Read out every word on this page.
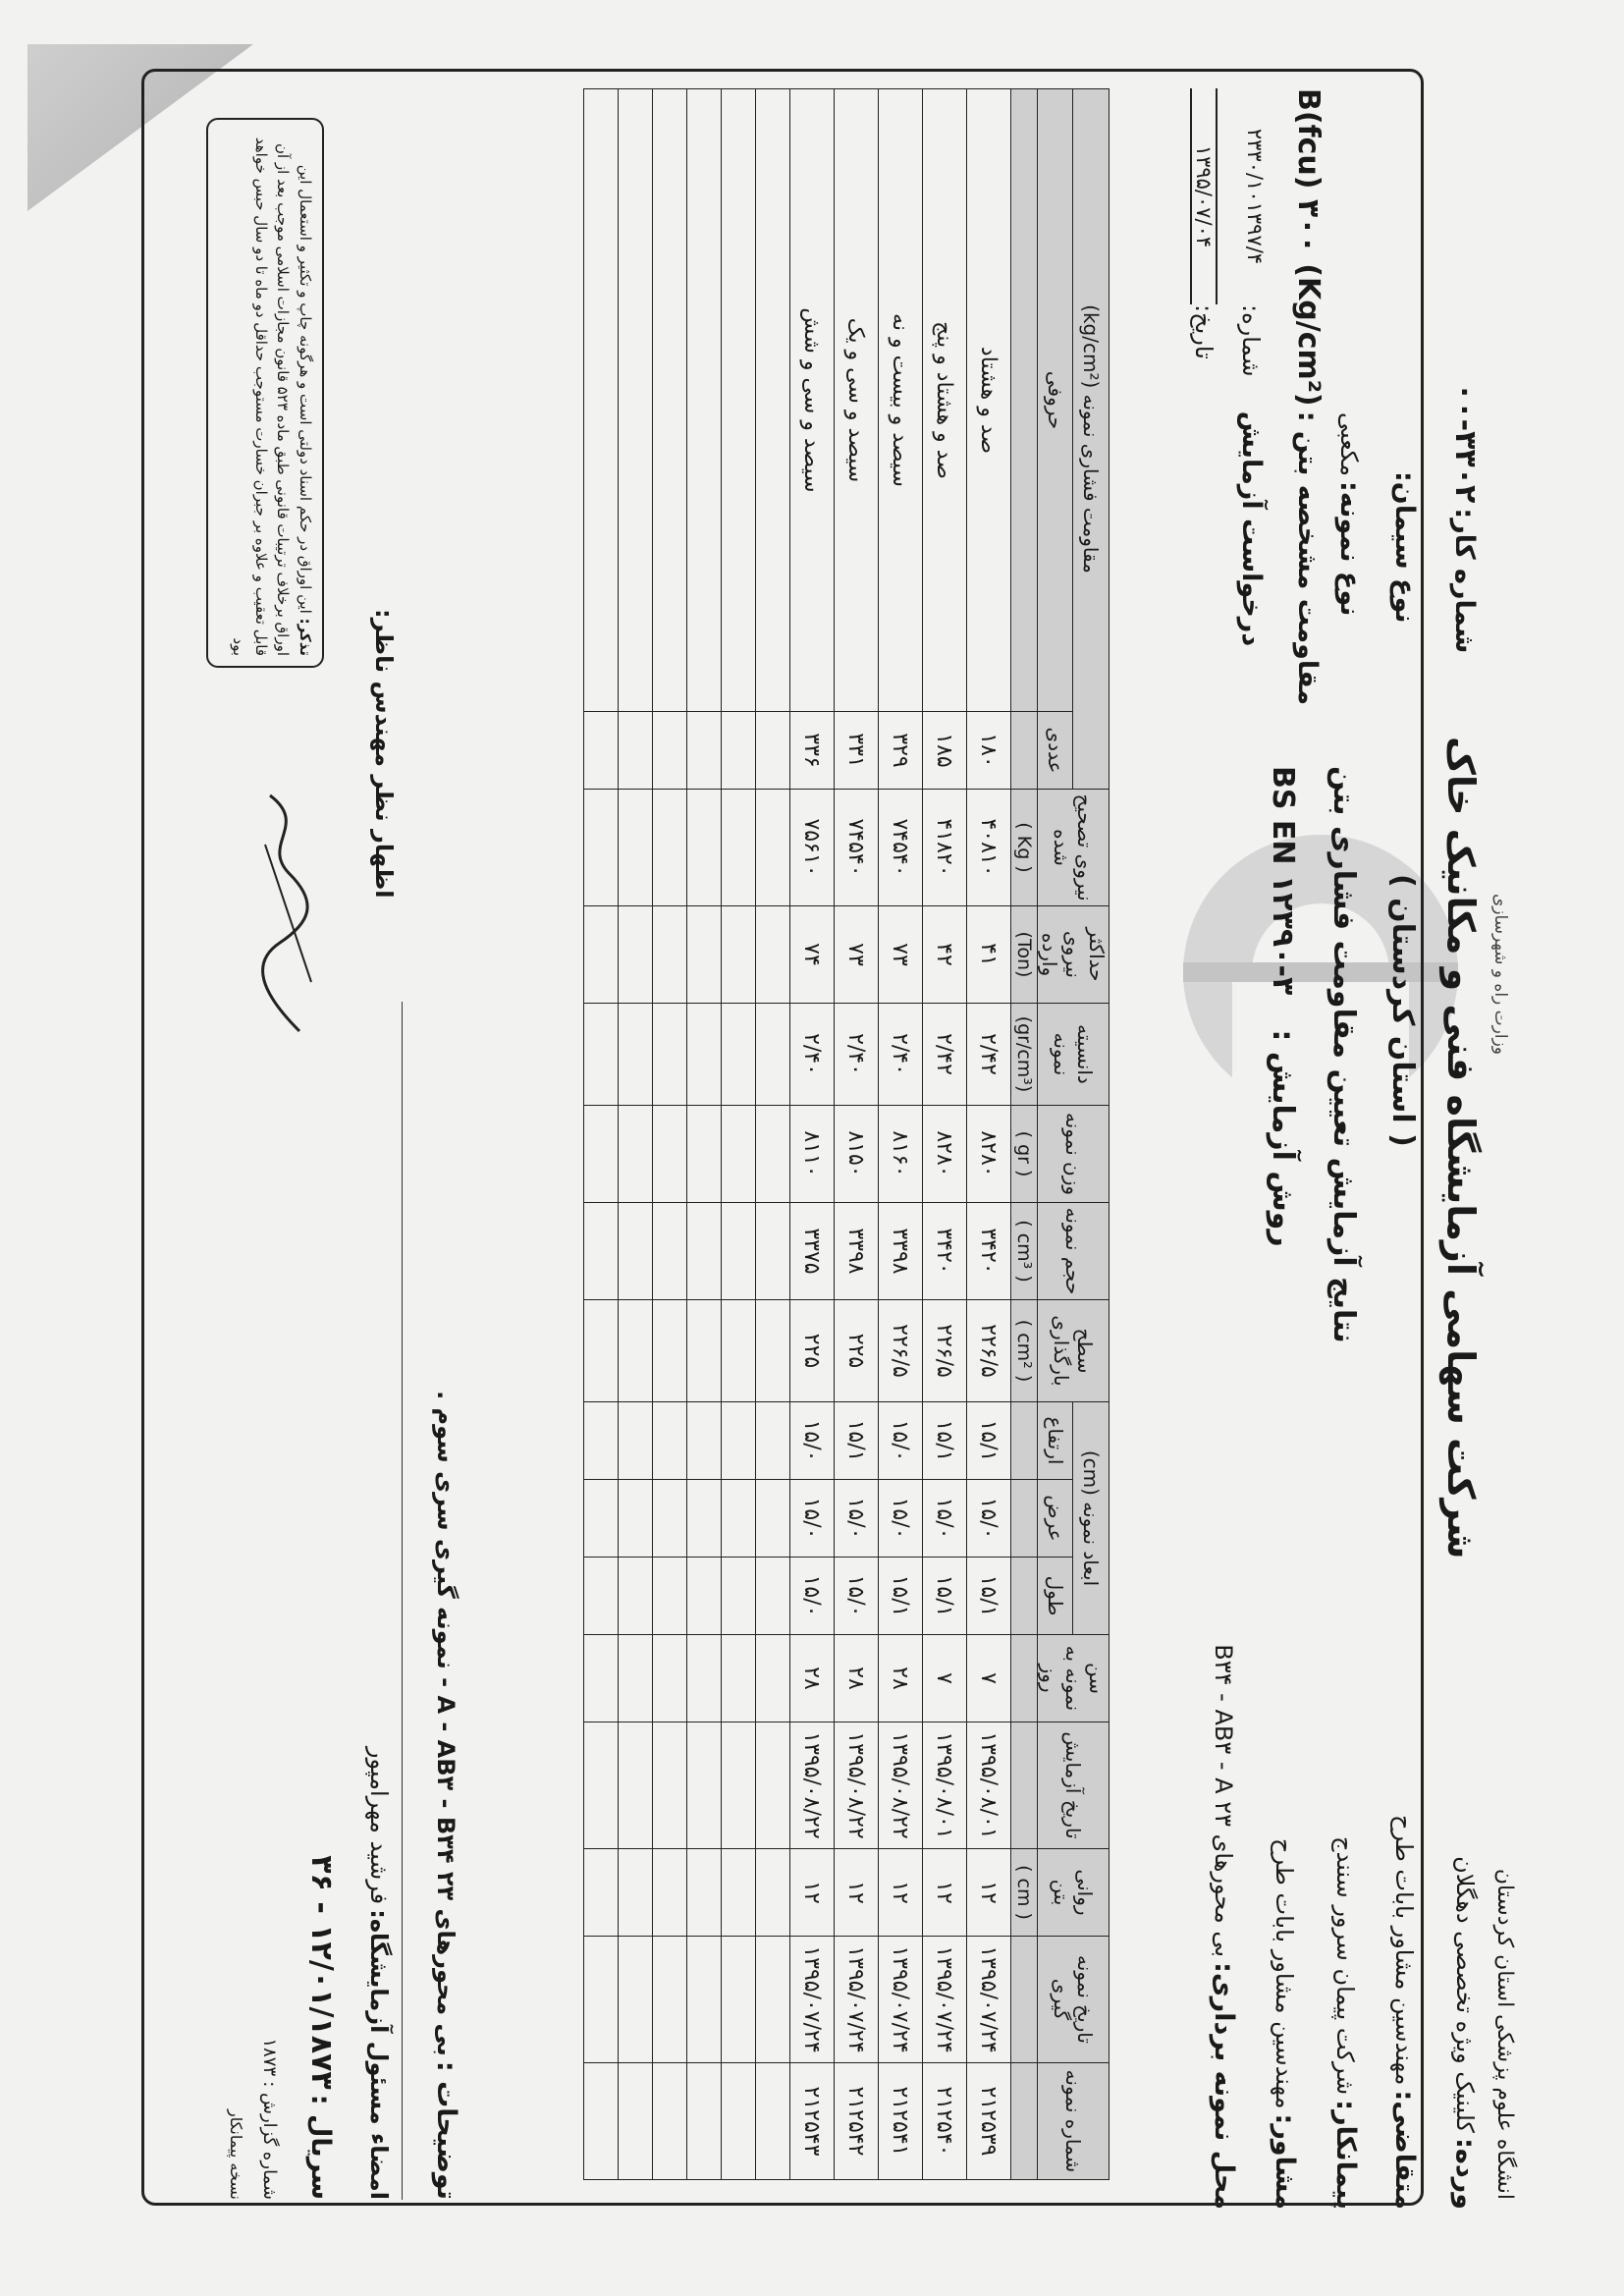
انشگاه علوم پزشکی استان کردستان
ورده: کلینیک ویژه تخصصی دهگلان
متقاضی: مهندسین مشاور بابات طرح
پیمانکار: شرکت پیمان سرور سنندج
مشاور: مهندسین مشاور بابات طرح
محل نمونه برداری: بی محورهای B۳۴ - AB۳ - A ۲۳
وزارت راه و شهرسازی
شرکت سهامی آزمایشگاه فنی و مکانیک خاک
( استان کردستان )
نتایج آزمایش تعیین مقاومت فشاری بتن
روش آزمایش : BS EN ۱۲۳۹۰-۳
شماره کار: ۳۳۰۲-۰۰
نوع سیمان:
نوع نمونه: مکعبی
مقاومت مشخصه بتن : B(fcu) ۳۰۰ (Kg/cm²)
درخواست آزمایش شماره:
۲۳۳۰/۱۰۱۳۹۷/۴
تاریخ:
۱۳۹۵/۰۷/۰۴
شماره نمونه	تاریخ نمونه گیری	روانی بتن	تاریخ آزمایش	سن نمونه به روز	ابعاد نمونه (cm)			سطح بارگذاری	حجم نمونه	وزن نمونه	دانسیته نمونه	حداکثر نیروی وارده	نیروی تصحیح شده	مقاومت فشاری نمونه (kg/cm²)	
					طول	عرض	ارتفاع							عددی	حروفی
		( cm )						( cm² )	( cm³ )	( gr )	(gr/cm³)	(Ton)	( Kg )		
۲۱۲۵۳۹	۱۳۹۵/۰۷/۲۴	۱۲	۱۳۹۵/۰۸/۰۱	۷	۱۵/۱	۱۵/۰	۱۵/۱	۲۲۶/۵	۳۴۲۰	۸۲۸۰	۲/۴۲	۴۱	۴۰۸۱۰	۱۸۰	صد و هشتاد
۲۱۲۵۴۰	۱۳۹۵/۰۷/۲۴	۱۲	۱۳۹۵/۰۸/۰۱	۷	۱۵/۱	۱۵/۰	۱۵/۱	۲۲۶/۵	۳۴۲۰	۸۲۸۰	۲/۴۲	۴۲	۴۱۸۲۰	۱۸۵	صد و هشتاد و پنج
۲۱۲۵۴۱	۱۳۹۵/۰۷/۲۴	۱۲	۱۳۹۵/۰۸/۲۲	۲۸	۱۵/۱	۱۵/۰	۱۵/۰	۲۲۶/۵	۳۳۹۸	۸۱۶۰	۲/۴۰	۷۳	۷۴۵۴۰	۳۲۹	سیصد و بیست و نه
۲۱۲۵۴۲	۱۳۹۵/۰۷/۲۴	۱۲	۱۳۹۵/۰۸/۲۲	۲۸	۱۵/۰	۱۵/۰	۱۵/۱	۲۲۵	۳۳۹۸	۸۱۵۰	۲/۴۰	۷۳	۷۴۵۴۰	۳۳۱	سیصد و سی و یک
۲۱۲۵۴۳	۱۳۹۵/۰۷/۲۴	۱۲	۱۳۹۵/۰۸/۲۲	۲۸	۱۵/۰	۱۵/۰	۱۵/۰	۲۲۵	۳۳۷۵	۸۱۱۰	۲/۴۰	۷۴	۷۵۶۱۰	۳۳۶	سیصد و سی و شش

توضیحات : بی محورهای ۲۳ A - AB۳ - B۳۴ - نمونه گیری سری سوم .
اظهار نظر مهندس ناظر:
امضاء مسئول آزمایشگاه: فرشید مهرامپور
سریال : ۱۲/۰۱/۱۸۷۳ - ۳۶
شماره گزارش : ۱۸۷۳
نسخه پیمانکار
تذکر: این اوراق در حکم اسناد دولتی است و هرگونه چاپ و تکثیر و استعمال این اوراق برخلاف ترتیبات قانونی طبق ماده ۵۲۳ قانون مجازات اسلامی موجب بعد از آن قابل تعقیب و علاوه بر جبران خسارت مستوجب حداقل دو ماه تا دو سال حبس خواهد بود
